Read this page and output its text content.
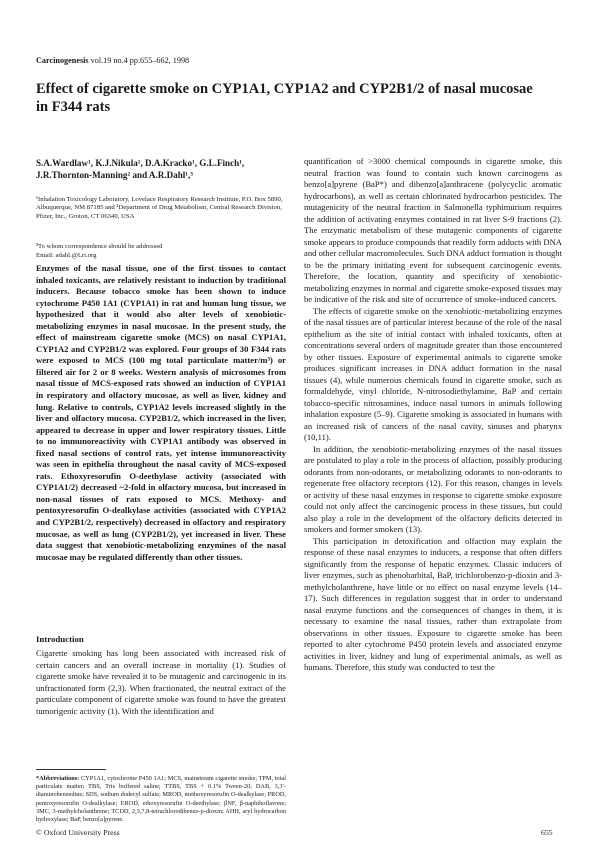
Carcinogenesis vol.19 no.4 pp.655–662, 1998
Effect of cigarette smoke on CYP1A1, CYP1A2 and CYP2B1/2 of nasal mucosae in F344 rats
S.A.Wardlaw¹, K.J.Nikula¹, D.A.Kracko¹, G.L.Finch¹, J.R.Thornton-Manning² and A.R.Dahl¹,³
¹Inhalation Toxicology Laboratory, Lovelace Respiratory Research Institute, P.O. Box 5890, Albuquerque, NM 87185 and ²Department of Drug Metabolism, Central Research Division, Pfizer, Inc., Groton, CT 06340, USA
³To whom correspondence should be addressed
Email: adahl.@Lri.org
Enzymes of the nasal tissue, one of the first tissues to contact inhaled toxicants, are relatively resistant to induction by traditional inducers. Because tobacco smoke has been shown to induce cytochrome P450 1A1 (CYP1A1) in rat and human lung tissue, we hypothesized that it would also alter levels of xenobiotic-metabolizing enzymes in nasal mucosae. In the present study, the effect of mainstream cigarette smoke (MCS) on nasal CYP1A1, CYP1A2 and CYP2B1/2 was explored. Four groups of 30 F344 rats were exposed to MCS (100 mg total particulate matter/m³) or filtered air for 2 or 8 weeks. Western analysis of microsomes from nasal tissue of MCS-exposed rats showed an induction of CYP1A1 in respiratory and olfactory mucosae, as well as liver, kidney and lung. Relative to controls, CYP1A2 levels increased slightly in the liver and olfactory mucosa. CYP2B1/2, which increased in the liver, appeared to decrease in upper and lower respiratory tissues. Little to no immunoreactivity with CYP1A1 antibody was observed in fixed nasal sections of control rats, yet intense immunoreactivity was seen in epithelia throughout the nasal cavity of MCS-exposed rats. Ethoxyresorufin O-deethylase activity (associated with CYP1A1/2) decreased ~2-fold in olfactory mucosa, but increased in non-nasal tissues of rats exposed to MCS. Methoxy- and pentoxyresorufin O-dealkylase activities (associated with CYP1A2 and CYP2B1/2, respectively) decreased in olfactory and respiratory mucosae, as well as lung (CYP2B1/2), yet increased in liver. These data suggest that xenobiotic-metabolizing enzymines of the nasal mucosae may be regulated differently than other tissues.
Introduction
Cigarette smoking has long been associated with increased risk of certain cancers and an overall increase in mortality (1). Studies of cigarette smoke have revealed it to be mutagenic and carcinogenic in its unfractionated form (2,3). When fractionated, the neutral extract of the particulate component of cigarette smoke was found to have the greatest tumorigenic activity (1). With the identification and
*Abbreviations: CYP1A1, cytochrome P450 1A1; MCS, mainstream cigarette smoke; TPM, total particulate matter; TBS, Tris buffered saline; TTBS, TBS + 0.1% Tween-20; DAB, 3,3′-diaminobenzedine; SDS, sodium dodecyl sulfate; MROD, methoxyresorufin O-dealkylase; PROD, pentoxyresorufin O-dealkylase; EROD, ethoxyresorufin O-deethylase; βNF, β-naphthoflavone; 3MC, 3-methylcholanthrene; TCDD, 2,3,7,8-tetrachlorodibenzo-p-dioxin; AHH, aryl hydrocarbon hydroxylase; BaP, benzo[a]pyrene.

quantification of >3000 chemical compounds in cigarette smoke, this neutral fraction was found to contain such known carcinogens as benzo[a]pyrene (BaP*) and dibenzo[a]anthracene (polycyclic aromatic hydrocarbons), as well as certain chlorinated hydrocarbon pesticides. The mutagenicity of the neutral fraction in Salmonella typhimurium requires the addition of activating enzymes contained in rat liver S-9 fractions (2). The enzymatic metabolism of these mutagenic components of cigarette smoke appears to produce compounds that readily form adducts with DNA and other cellular macromolecules. Such DNA adduct formation is thought to be the primary initiating event for subsequent carcinogenic events. Therefore, the location, quantity and specificity of xenobiotic-metabolizing enzymes in normal and cigarette smoke-exposed tissues may be indicative of the risk and site of occurrence of smoke-induced cancers.

The effects of cigarette smoke on the xenobiotic-metabolizing enzymes of the nasal tissues are of particular interest because of the role of the nasal epithelium as the site of initial contact with inhaled toxicants, often at concentrations several orders of magnitude greater than those encountered by other tissues. Exposure of experimental animals to cigarette smoke produces significant increases in DNA adduct formation in the nasal tissues (4), while numerous chemicals found in cigarette smoke, such as formaldehyde, vinyl chloride, N-nitrosodiethylamine, BaP and certain tobacco-specific nitrosamines, induce nasal tumors in animals following inhalation exposure (5–9). Cigarette smoking is associated in humans with an increased risk of cancers of the nasal cavity, sinuses and pharynx (10,11).

In addition, the xenobiotic-metabolizing enzymes of the nasal tissues are postulated to play a role in the process of olfaction, possibly producing odorants from non-odorants, or metabolizing odorants to non-odorants to regenerate free olfactory receptors (12). For this reason, changes in levels or activity of these nasal enzymes in response to cigarette smoke exposure could not only affect the carcinogenic process in these tissues, but could also play a role in the development of the olfactory deficits detected in smokers and former smokers (13).

This participation in detoxification and olfaction may explain the response of these nasal enzymes to inducers, a response that often differs significantly from the response of hepatic enzymes. Classic inducers of liver enzymes, such as phenobarbital, BaP, trichlorobenzo-p-dioxin and 3-methylcholanthrene, have little or no effect on nasal enzyme levels (14–17). Such differences in regulation suggest that in order to understand nasal enzyme functions and the consequences of changes in them, it is necessary to examine the nasal tissues, rather than extrapolate from observations in other tissues. Exposure to cigarette smoke has been reported to alter cytochrome P450 protein levels and associated enzyme activities in liver, kidney and lung of experimental animals, as well as humans. Therefore, this study was conducted to test the

© Oxford University Press	655
